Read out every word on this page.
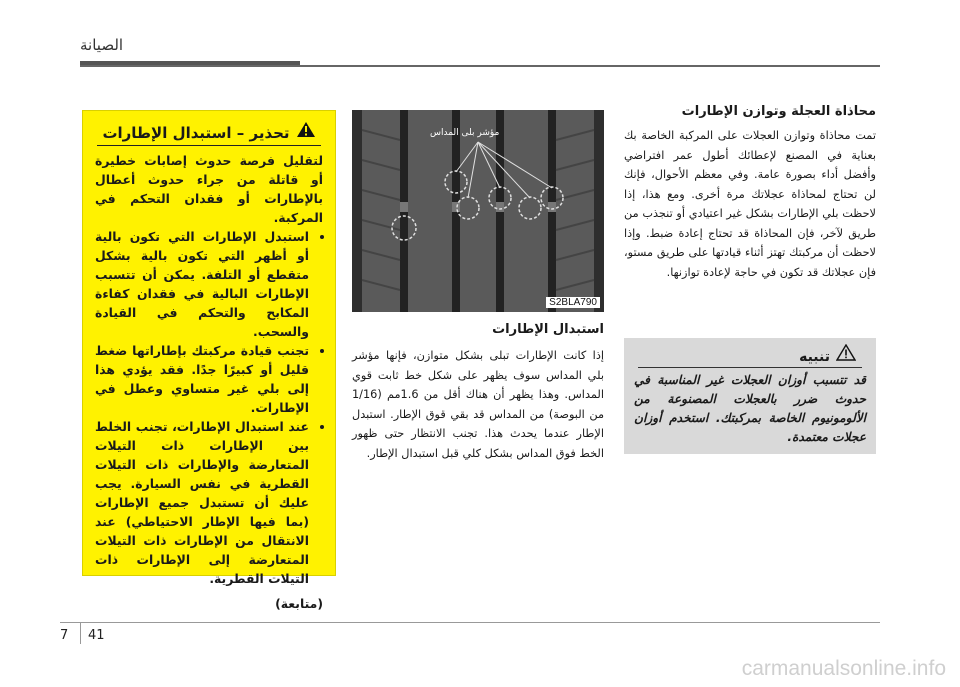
الصيانة
تحذير – استبدال الإطارات

لتقليل فرصة حدوث إصابات خطيرة أو قاتلة من جراء حدوث أعطال بالإطارات أو فقدان التحكم في المركبة.

• استبدل الإطارات التي تكون بالية أو أظهر التي تكون بالية بشكل متقطع أو التلفة. يمكن أن تتسبب الإطارات البالية في فقدان كفاءة المكابح والتحكم في القيادة والسحب.
• تجنب قيادة مركبتك بإطاراتها ضغط قليل أو كبيرًا جدًا. فقد يؤدي هذا إلى بلي غير متساوي وعطل في الإطارات.
• عند استبدال الإطارات، تجنب الخلط بين الإطارات ذات التيلات المتعارضة والإطارات ذات التيلات القطرية في نفس السيارة. يجب عليك أن تستبدل جميع الإطارات (بما فيها الإطار الاحتياطي) عند الانتقال من الإطارات ذات التيلات المتعارضة إلى الإطارات ذات التيلات القطرية.
(متابعة)
S2BLA790
مؤشر بلى المداس
استبدال الإطارات
إذا كانت الإطارات تبلى بشكل متوازن، فإنها مؤشر بلي المداس سوف يظهر على شكل خط ثابت قوي المداس. وهذا يظهر أن هناك أقل من 1.6مم (1/16 من البوصة) من المداس قد بقي قوق الإطار. استبدل الإطار عندما يحدث هذا. تجنب الانتظار حتى ظهور الخط فوق المداس بشكل كلي قبل استبدال الإطار.
محاذاة العجلة وتوازن الإطارات
تمت محاذاة وتوازن العجلات على المركبة الخاصة بك بعناية في المصنع لإعطائك أطول عمر افتراضي وأفضل أداء بصورة عامة. وفي معظم الأحوال، فإنك لن تحتاج لمحاذاة عجلاتك مرة أخرى. ومع هذا، إذا لاحظت بلي الإطارات بشكل غير اعتيادي أو تنجذب من طريق لآخر، فإن المحاذاة قد تحتاج إعادة ضبط. وإذا لاحظت أن مركبتك تهتز أثناء قيادتها على طريق مستو، فإن عجلاتك قد تكون في حاجة لإعادة توازنها.
تنبيه
قد تتسبب أوزان العجلات غير المناسبة في حدوث ضرر بالعجلات المصنوعة من الألومونيوم الخاصة بمركبتك. استخدم أوزان عجلات معتمدة.
7 41
carmanualsonline.info
